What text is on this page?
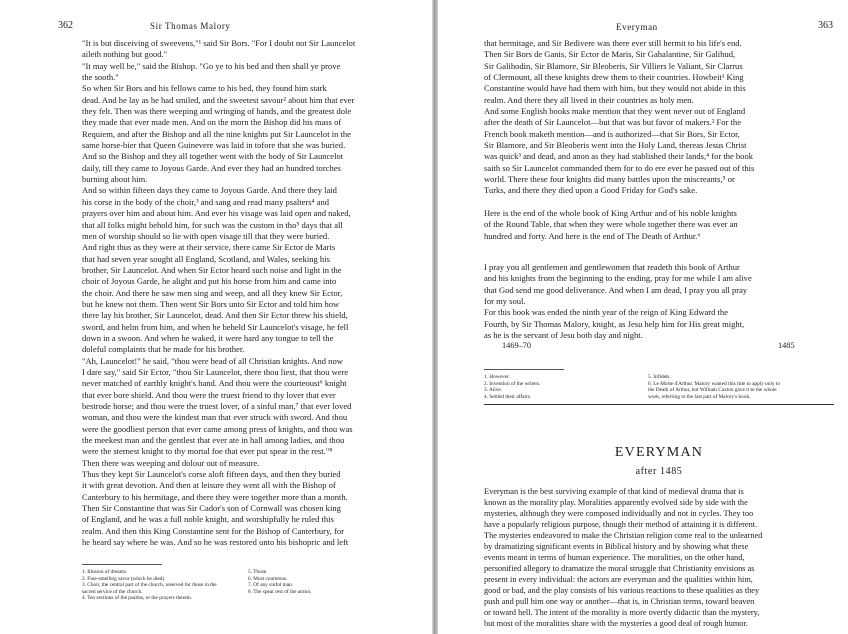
362	Sir Thomas Malory
"It is but disceiving of sweevens,"¹ said Sir Bors. "For I doubt not Sir Launcelot
aileth nothing but good."
"It may well be," said the Bishop. "Go ye to his bed and then shall ye prove
the sooth."
So when Sir Bors and his fellows came to his bed, they found him stark
dead. And he lay as he had smiled, and the sweetest savour² about him that ever
they felt. Then was there weeping and wringing of hands, and the greatest dole
they made that ever made men. And on the morn the Bishop did his mass of
Requiem, and after the Bishop and all the nine knights put Sir Launcelot in the
same horse-bier that Queen Guinevere was laid in tofore that she was buried.
And so the Bishop and they all together went with the body of Sir Launcelot
daily, till they came to Joyous Garde. And ever they had an hundred torches
burning about him.
And so within fifteen days they came to Joyous Garde. And there they laid
his corse in the body of the choir,³ and sang and read many psalters⁴ and
prayers over him and about him. And ever his visage was laid open and naked,
that all folks might behold him, for such was the custom in tho⁵ days that all
men of worship should so lie with open visage till that they were buried.
And right thus as they were at their service, there came Sir Ector de Maris
that had seven year sought all England, Scotland, and Wales, seeking his
brother, Sir Launcelot. And when Sir Ector heard such noise and light in the
choir of Joyous Garde, he alight and put his horse from him and came into
the choir. And there he saw men sing and weep, and all they knew Sir Ector,
but he knew not them. Then went Sir Bors unto Sir Ector and told him how
there lay his brother, Sir Launcelot, dead. And then Sir Ector threw his shield,
sword, and helm from him, and when he beheld Sir Launcelot's visage, he fell
down in a swoon. And when he waked, it were hard any tongue to tell the
doleful complaints that he made for his brother.
"Ah, Launcelot!" he said, "thou were head of all Christian knights. And now
I dare say," said Sir Ector, "thou Sir Launcelot, there thou liest, that thou were
never matched of earthly knight's hand. And thou were the courteoust⁶ knight
that ever bore shield. And thou were the truest friend to thy lover that ever
bestrode horse; and thou were the truest lover, of a sinful man,⁷ that ever loved
woman, and thou were the kindest man that ever struck with sword. And thou
were the goodliest person that ever came among press of knights, and thou was
the meekest man and the gentlest that ever ate in hall among ladies, and thou
were the sternest knight to thy mortal foe that ever put spear in the rest."⁸
Then there was weeping and dolour out of measure.
Thus they kept Sir Launcelot's corse aloft fifteen days, and then they buried
it with great devotion. And then at leisure they went all with the Bishop of
Canterbury to his hermitage, and there they were together more than a month.
Then Sir Constantine that was Sir Cador's son of Cornwall was chosen king
of England, and he was a full noble knight, and worshipfully he ruled this
realm. And then this King Constantine sent for the Bishop of Canterbury, for
he heard say where he was. And so he was restored unto his bishopric and left
1. Illusion of dreams.
2. Fine-smelling savor (which he died).
3. Choir, the central part of the church, reserved for those in the
sacred service of the church.
4. Ten sections of the psalms, or the prayers therein.
5. Those.
6. Most courteous.
7. Of any sinful man.
8. The spear rest of the armor.
Everyman	363
that hermitage, and Sir Bedivere was there ever still hermit to his life's end.
Then Sir Bors de Ganis, Sir Ector de Maris, Sir Gahalantine, Sir Galihud,
Sir Galihodin, Sir Blamore, Sir Bleoberis, Sir Villiers le Valiant, Sir Clarrus
of Clermount, all these knights drew them to their countries. Howbeit¹ King
Constantine would have had them with him, but they would not abide in this
realm. And there they all lived in their countries as holy men.
And some English books make mention that they went never out of England
after the death of Sir Launcelot—but that was but favor of makers.² For the
French book maketh mention—and is authorized—that Sir Bors, Sir Ector,
Sir Blamore, and Sir Bleoberis went into the Holy Land, thereas Jesus Christ
was quick³ and dead, and anon as they had stablished their lands,⁴ for the book
saith so Sir Launcelot commanded them for to do ere ever he passed out of this
world. There these four knights did many battles upon the miscreants,⁵ or
Turks, and there they died upon a Good Friday for God's sake.
Here is the end of the whole book of King Arthur and of his noble knights
of the Round Table, that when they were whole together there was ever an
hundred and forty. And here is the end of The Death of Arthur.⁶
I pray you all gentlemen and gentlewomen that readeth this book of Arthur
and his knights from the beginning to the ending, pray for me while I am alive
that God send me good deliverance. And when I am dead, I pray you all pray
for my soul.
For this book was ended the ninth year of the reign of King Edward the
Fourth, by Sir Thomas Malory, knight, as Jesu help him for His great might,
as he is the servant of Jesu both day and night.
1469–70	1485
1. However.
2. Invention of the writers.
3. Alive.
4. Settled their affairs.
5. Infidels.
6. Le Morte d'Arthur. Malory wanted this title to apply only to
the Death of Arthur, but William Caxton gave it to the whole
work, referring to the last part of Malory's book.
EVERYMAN
after 1485
Everyman is the best surviving example of that kind of medieval drama that is
known as the morality play. Moralities apparently evolved side by side with the
mysteries, although they were composed individually and not in cycles. They too
have a popularly religious purpose, though their method of attaining it is different.
The mysteries endeavored to make the Christian religion come real to the unlearned
by dramatizing significant events in Biblical history and by showing what these
events meant in terms of human experience. The moralities, on the other hand,
personified allegory to dramatize the moral struggle that Christianity envisions as
present in every individual: the actors are everyman and the qualities within him,
good or bad, and the play consists of his various reactions to these qualities as they
push and pull him one way or another—that is, in Christian terms, toward heaven
or toward hell. The intent of the morality is more overtly didactic than the mystery,
but most of the moralities share with the mysteries a good deal of rough humor.
